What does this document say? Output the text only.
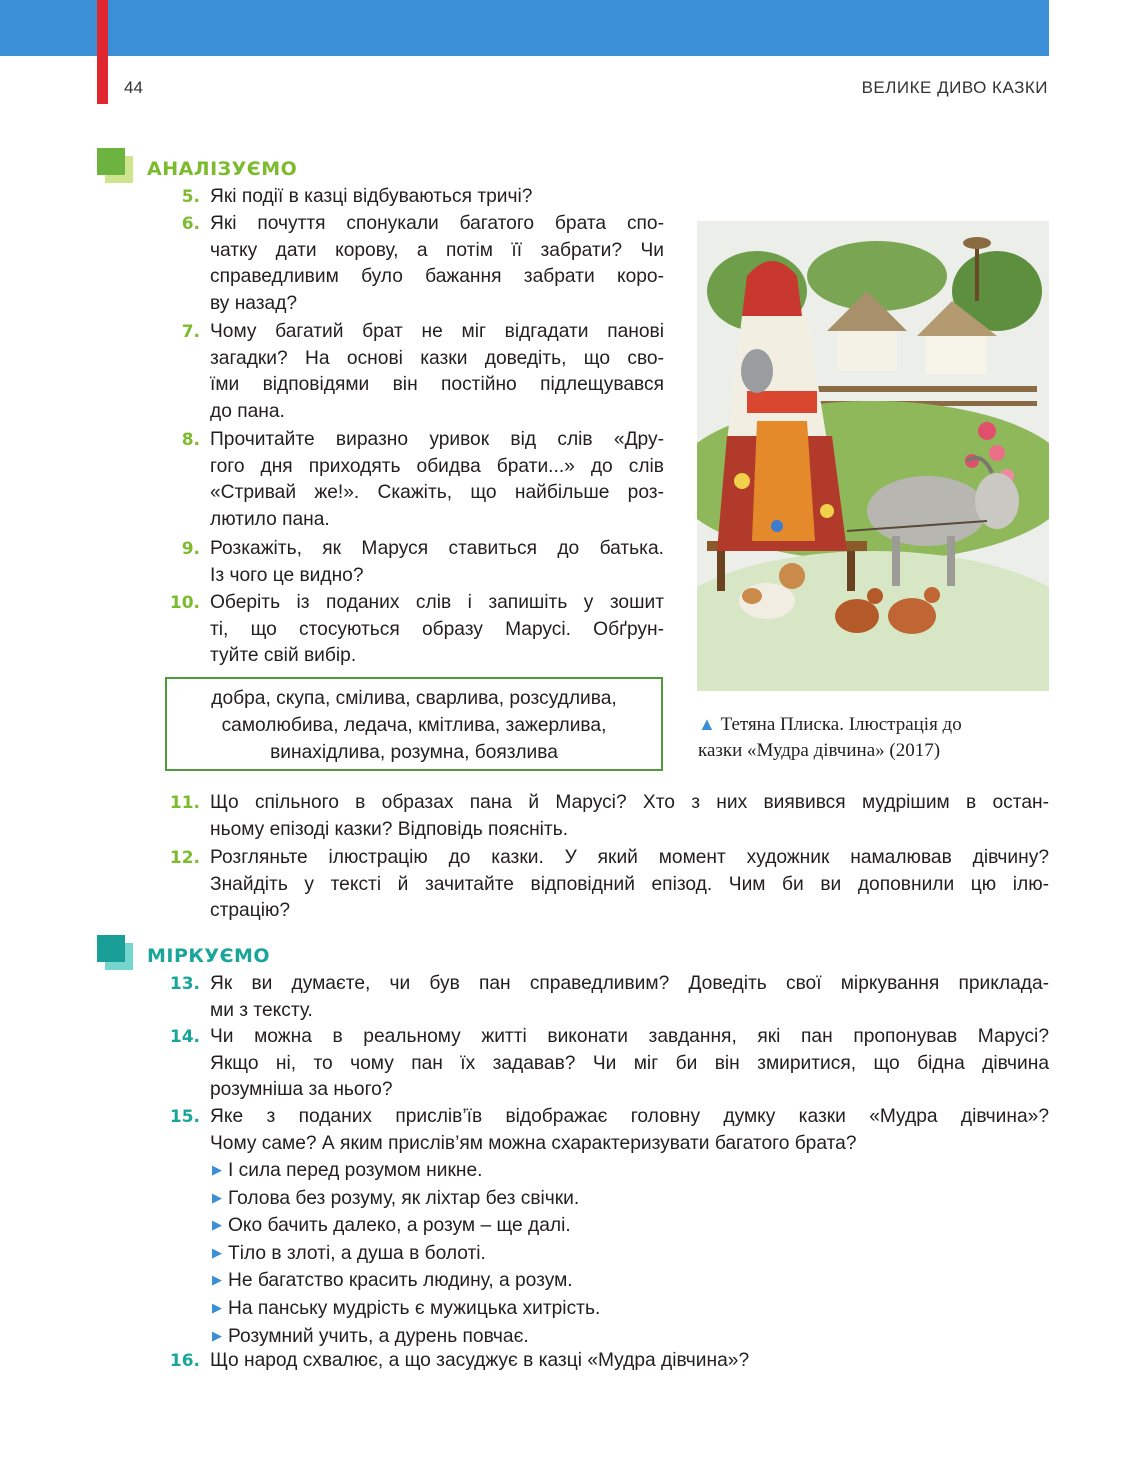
44	ВЕЛИКЕ ДИВО КАЗКИ
АНАЛІЗУЄМО
5. Які події в казці відбуваються тричі?
6. Які почуття спонукали багатого брата спо-
чатку дати корову, а потім її забрати? Чи
справедливим було бажання забрати коро-
ву назад?
7. Чому багатий брат не міг відгадати панові
загадки? На основі казки доведіть, що сво-
їми відповідями він постійно підлещувався
до пана.
8. Прочитайте виразно уривок від слів «Дру-
гого дня приходять обидва брати...» до слів
«Стривай же!». Скажіть, що найбільше роз-
лютило пана.
9. Розкажіть, як Маруся ставиться до батька.
Із чого це видно?
10. Оберіть із поданих слів і запишіть у зошит
ті, що стосуються образу Марусі. Обґрун-
туйте свій вибір.
добра, скупа, смілива, сварлива, розсудлива,
самолюбива, ледача, кмітлива, зажерлива,
винахідлива, розумна, боязлива
▲ Тетяна Плиска. Ілюстрація до
казки «Мудра дівчина» (2017)
11. Що спільного в образах пана й Марусі? Хто з них виявився мудрішим в остан-
ньому епізоді казки? Відповідь поясніть.
12. Розгляньте ілюстрацію до казки. У який момент художник намалював дівчину?
Знайдіть у тексті й зачитайте відповідний епізод. Чим би ви доповнили цю ілю-
страцію?
МІРКУЄМО
13. Як ви думаєте, чи був пан справедливим? Доведіть свої міркування приклада-
ми з тексту.
14. Чи можна в реальному житті виконати завдання, які пан пропонував Марусі?
Якщо ні, то чому пан їх задавав? Чи міг би він змиритися, що бідна дівчина
розумніша за нього?
15. Яке з поданих прислів’їв відображає головну думку казки «Мудра дівчина»?
Чому саме? А яким прислів’ям можна схарактеризувати багатого брата?
▶ І сила перед розумом никне.
▶ Голова без розуму, як ліхтар без свічки.
▶ Око бачить далеко, а розум – ще далі.
▶ Тіло в злоті, а душа в болоті.
▶ Не багатство красить людину, а розум.
▶ На панську мудрість є мужицька хитрість.
▶ Розумний учить, а дурень повчає.
16. Що народ схвалює, а що засуджує в казці «Мудра дівчина»?
